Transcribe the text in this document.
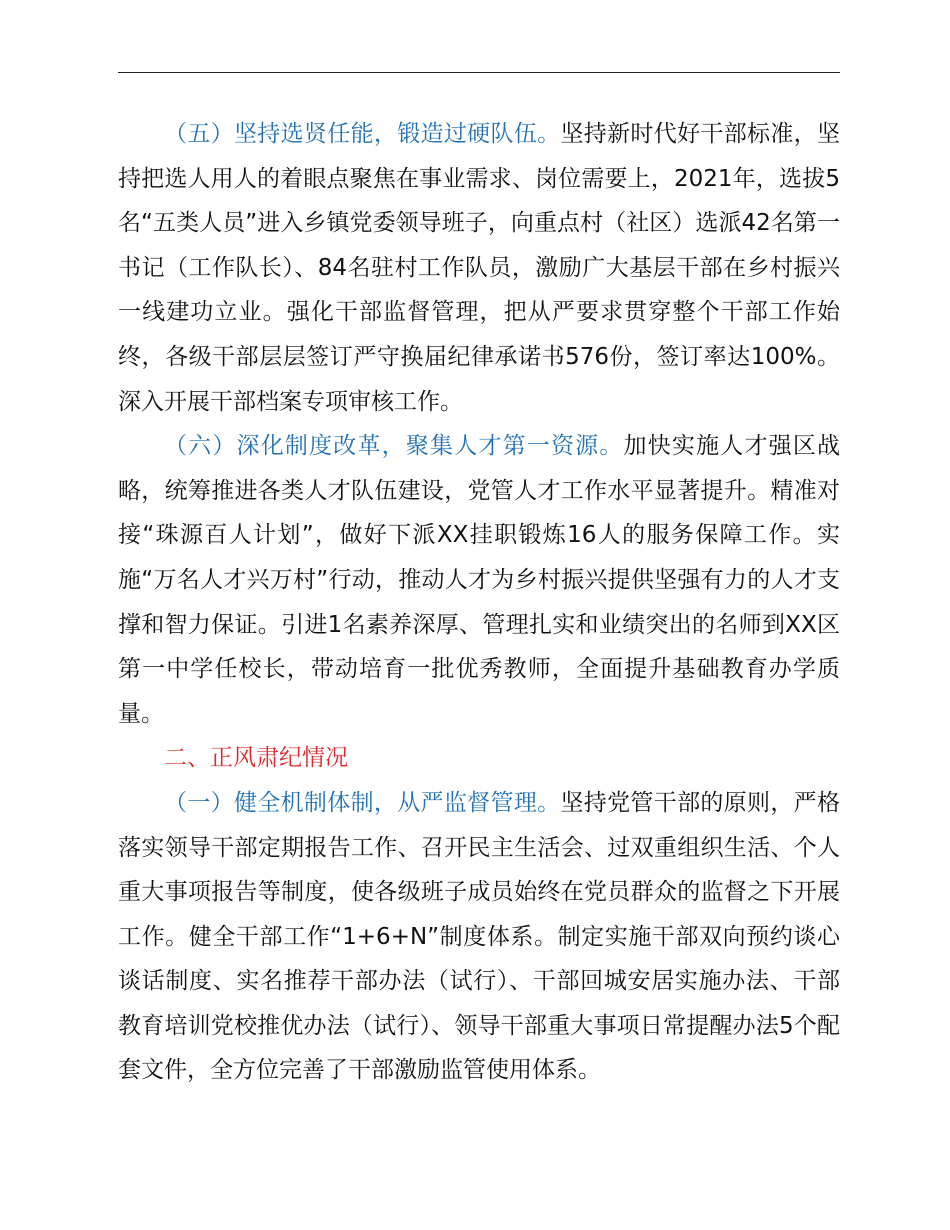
（五）坚持选贤任能，锻造过硬队伍。坚持新时代好干部标准，坚持把选人用人的着眼点聚焦在事业需求、岗位需要上，2021年，选拔5名“五类人员”进入乡镇党委领导班子，向重点村（社区）选派42名第一书记（工作队长）、84名驻村工作队员，激励广大基层干部在乡村振兴一线建功立业。强化干部监督管理，把从严要求贯穿整个干部工作始终，各级干部层层签订严守换届纪律承诺书576份，签订率达100%。深入开展干部档案专项审核工作。

（六）深化制度改革，聚集人才第一资源。加快实施人才强区战略，统筹推进各类人才队伍建设，党管人才工作水平显著提升。精准对接“珠源百人计划”，做好下派XX挂职锻炼16人的服务保障工作。实施“万名人才兴万村”行动，推动人才为乡村振兴提供坚强有力的人才支撑和智力保证。引进1名素养深厚、管理扎实和业绩突出的名师到XX区第一中学任校长，带动培育一批优秀教师，全面提升基础教育办学质量。

二、正风肃纪情况

（一）健全机制体制，从严监督管理。坚持党管干部的原则，严格落实领导干部定期报告工作、召开民主生活会、过双重组织生活、个人重大事项报告等制度，使各级班子成员始终在党员群众的监督之下开展工作。健全干部工作“1+6+N”制度体系。制定实施干部双向预约谈心谈话制度、实名推荐干部办法（试行）、干部回城安居实施办法、干部教育培训党校推优办法（试行）、领导干部重大事项日常提醒办法5个配套文件，全方位完善了干部激励监管使用体系。
